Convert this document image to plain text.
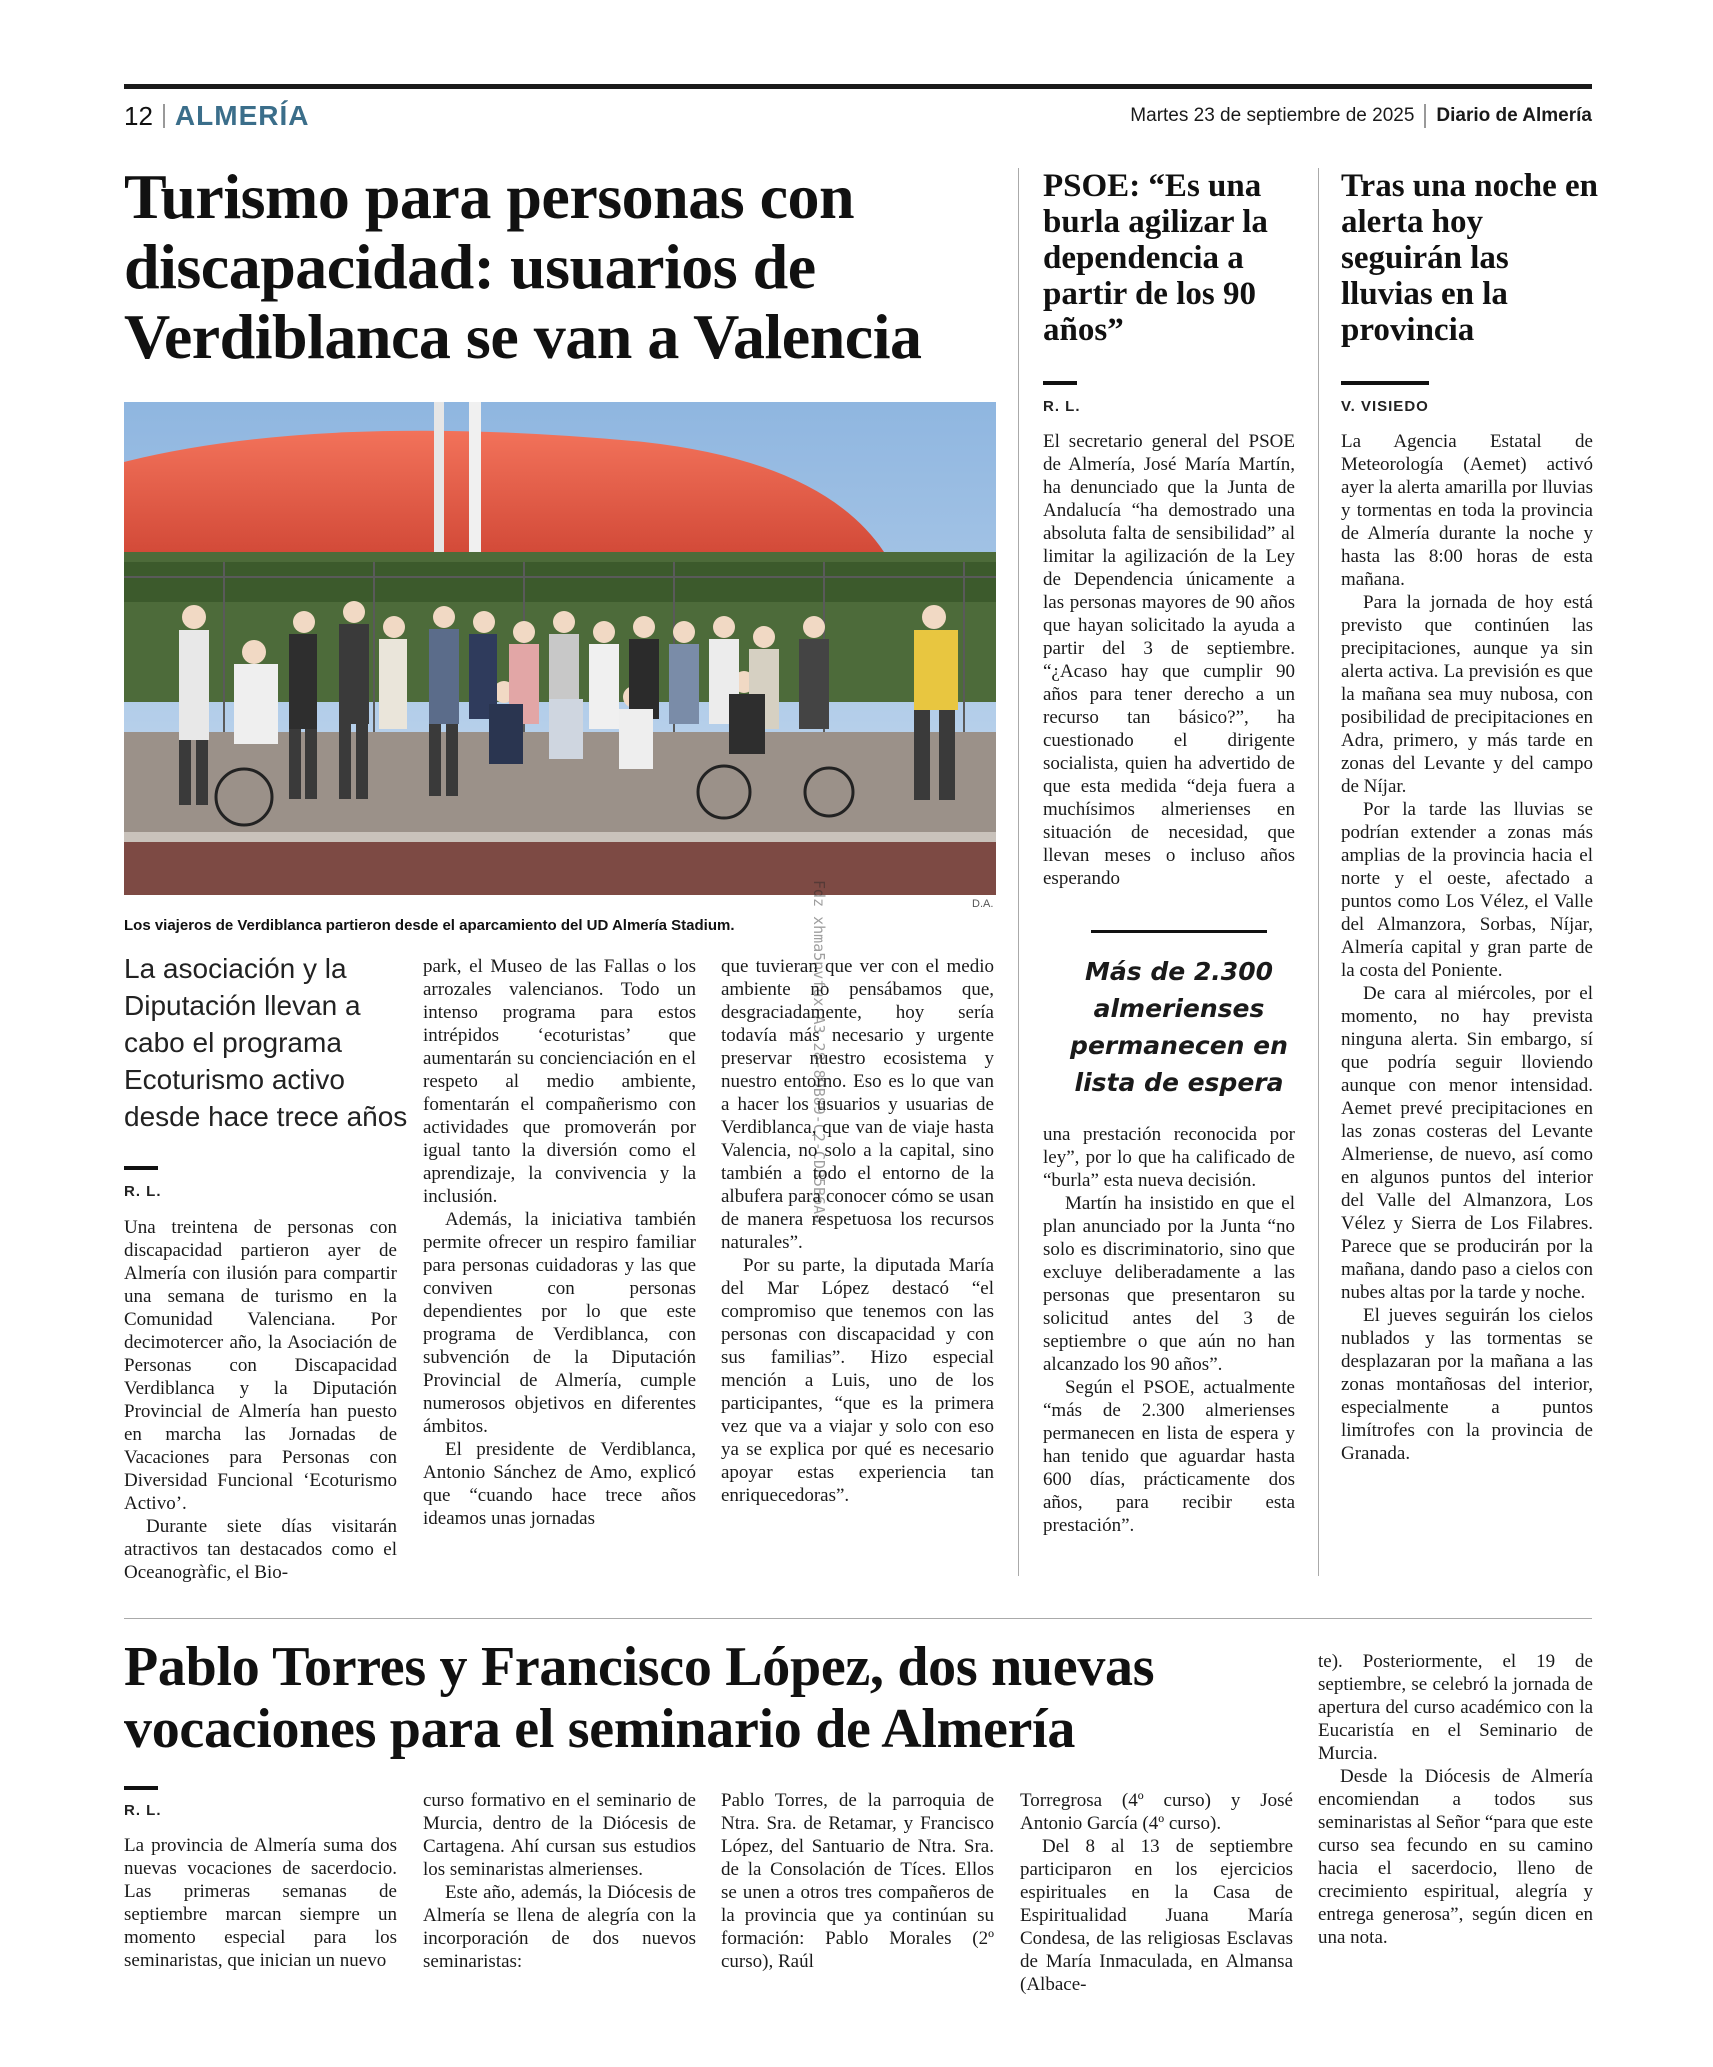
12 ALMERÍA	Martes 23 de septiembre de 2025 Diario de Almería
Turismo para personas con discapacidad: usuarios de Verdiblanca se van a Valencia
D.A.
Los viajeros de Verdiblanca partieron desde el aparcamiento del UD Almería Stadium.
La asociación y la Diputación llevan a cabo el programa Ecoturismo activo desde hace trece años
R. L.

Una treintena de personas con discapacidad partieron ayer de Almería con ilusión para compartir una semana de turismo en la Comunidad Valenciana. Por decimotercer año, la Asociación de Personas con Discapacidad Verdiblanca y la Diputación Provincial de Almería han puesto en marcha las Jornadas de Vacaciones para Personas con Diversidad Funcional ‘Ecoturismo Activo’.

Durante siete días visitarán atractivos tan destacados como el Oceanogràfic, el Bio-

park, el Museo de las Fallas o los arrozales valencianos. Todo un intenso programa para estos intrépidos ‘ecoturistas’ que aumentarán su concienciación en el respeto al medio ambiente, fomentarán el compañerismo con actividades que promoverán por igual tanto la diversión como el aprendizaje, la convivencia y la inclusión.

Además, la iniciativa también permite ofrecer un respiro familiar para personas cuidadoras y las que conviven con personas dependientes por lo que este programa de Verdiblanca, con subvención de la Diputación Provincial de Almería, cumple numerosos objetivos en diferentes ámbitos.

El presidente de Verdiblanca, Antonio Sánchez de Amo, explicó que “cuando hace trece años ideamos unas jornadas

que tuvieran que ver con el medio ambiente no pensábamos que, desgraciadamente, hoy sería todavía más necesario y urgente preservar nuestro ecosistema y nuestro entorno. Eso es lo que van a hacer los usuarios y usuarias de Verdiblanca, que van de viaje hasta Valencia, no solo a la capital, sino también a todo el entorno de la albufera para conocer cómo se usan de manera respetuosa los recursos naturales”.

Por su parte, la diputada María del Mar López destacó “el compromiso que tenemos con las personas con discapacidad y con sus familias”. Hizo especial mención a Luis, uno de los participantes, “que es la primera vez que va a viajar y solo con eso ya se explica por qué es necesario apoyar estas experiencia tan enriquecedoras”.

Fdz xhma5nvfux-A3-28-89B89-C2-CDB5B6A8
PSOE: “Es una burla agilizar la dependencia a partir de los 90 años”
R. L.

El secretario general del PSOE de Almería, José María Martín, ha denunciado que la Junta de Andalucía “ha demostrado una absoluta falta de sensibilidad” al limitar la agilización de la Ley de Dependencia únicamente a las personas mayores de 90 años que hayan solicitado la ayuda a partir del 3 de septiembre. “¿Acaso hay que cumplir 90 años para tener derecho a un recurso tan básico?”, ha cuestionado el dirigente socialista, quien ha advertido de que esta medida “deja fuera a muchísimos almerienses en situación de necesidad, que llevan meses o incluso años esperando

Más de 2.300 almerienses permanecen en lista de espera

una prestación reconocida por ley”, por lo que ha calificado de “burla” esta nueva decisión.

Martín ha insistido en que el plan anunciado por la Junta “no solo es discriminatorio, sino que excluye deliberadamente a las personas que presentaron su solicitud antes del 3 de septiembre o que aún no han alcanzado los 90 años”.

Según el PSOE, actualmente “más de 2.300 almerienses permanecen en lista de espera y han tenido que aguardar hasta 600 días, prácticamente dos años, para recibir esta prestación”.

Tras una noche en alerta hoy seguirán las lluvias en la provincia
V. VISIEDO

La Agencia Estatal de Meteorología (Aemet) activó ayer la alerta amarilla por lluvias y tormentas en toda la provincia de Almería durante la noche y hasta las 8:00 horas de esta mañana.

Para la jornada de hoy está previsto que continúen las precipitaciones, aunque ya sin alerta activa. La previsión es que la mañana sea muy nubosa, con posibilidad de precipitaciones en Adra, primero, y más tarde en zonas del Levante y del campo de Níjar.

Por la tarde las lluvias se podrían extender a zonas más amplias de la provincia hacia el norte y el oeste, afectado a puntos como Los Vélez, el Valle del Almanzora, Sorbas, Níjar, Almería capital y gran parte de la costa del Poniente.

De cara al miércoles, por el momento, no hay prevista ninguna alerta. Sin embargo, sí que podría seguir lloviendo aunque con menor intensidad. Aemet prevé precipitaciones en las zonas costeras del Levante Almeriense, de nuevo, así como en algunos puntos del interior del Valle del Almanzora, Los Vélez y Sierra de Los Filabres. Parece que se producirán por la mañana, dando paso a cielos con nubes altas por la tarde y noche.

El jueves seguirán los cielos nublados y las tormentas se desplazaran por la mañana a las zonas montañosas del interior, especialmente a puntos limítrofes con la provincia de Granada.

Pablo Torres y Francisco López, dos nuevas vocaciones para el seminario de Almería
R. L.

La provincia de Almería suma dos nuevas vocaciones de sacerdocio. Las primeras semanas de septiembre marcan siempre un momento especial para los seminaristas, que inician un nuevo

curso formativo en el seminario de Murcia, dentro de la Diócesis de Cartagena. Ahí cursan sus estudios los seminaristas almerienses.

Este año, además, la Diócesis de Almería se llena de alegría con la incorporación de dos nuevos seminaristas:

Pablo Torres, de la parroquia de Ntra. Sra. de Retamar, y Francisco López, del Santuario de Ntra. Sra. de la Consolación de Tíces. Ellos se unen a otros tres compañeros de la provincia que ya continúan su formación: Pablo Morales (2º curso), Raúl

Torregrosa (4º curso) y José Antonio García (4º curso).

Del 8 al 13 de septiembre participaron en los ejercicios espirituales en la Casa de Espiritualidad Juana María Condesa, de las religiosas Esclavas de María Inmaculada, en Almansa (Albace-

te). Posteriormente, el 19 de septiembre, se celebró la jornada de apertura del curso académico con la Eucaristía en el Seminario de Murcia.

Desde la Diócesis de Almería encomiendan a todos sus seminaristas al Señor “para que este curso sea fecundo en su camino hacia el sacerdocio, lleno de crecimiento espiritual, alegría y entrega generosa”, según dicen en una nota.
